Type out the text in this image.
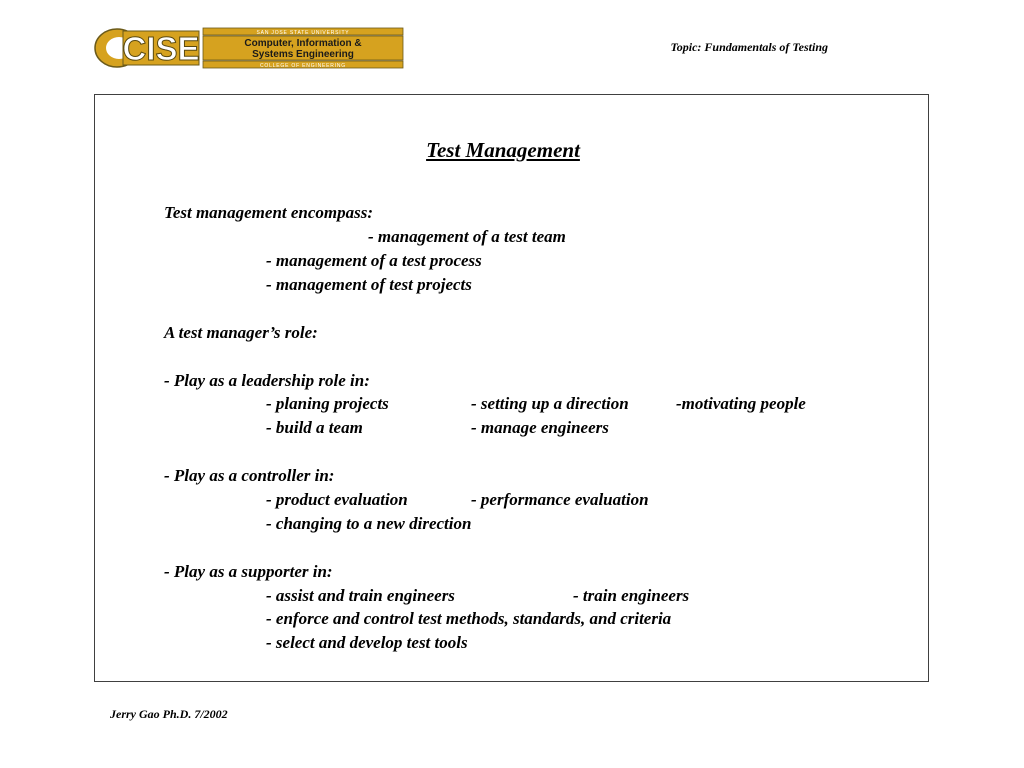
CISE	SAN JOSE STATE UNIVERSITY
Computer, Information &
Systems Engineering
COLLEGE OF ENGINEERING
Topic: Fundamentals of Testing
Test Management
Test management encompass:
- management of a test team
- management of a test process
- management of test projects
A test manager’s role:
- Play as a leadership role in:
- planing projects	- setting up a direction	-motivating people
- build a team	- manage engineers
- Play as a controller in:
- product evaluation	- performance evaluation
- changing to a new direction
- Play as a supporter in:
- assist and train engineers	- train engineers
- enforce and control test methods, standards, and criteria
- select and develop test tools
Jerry Gao Ph.D. 7/2002
